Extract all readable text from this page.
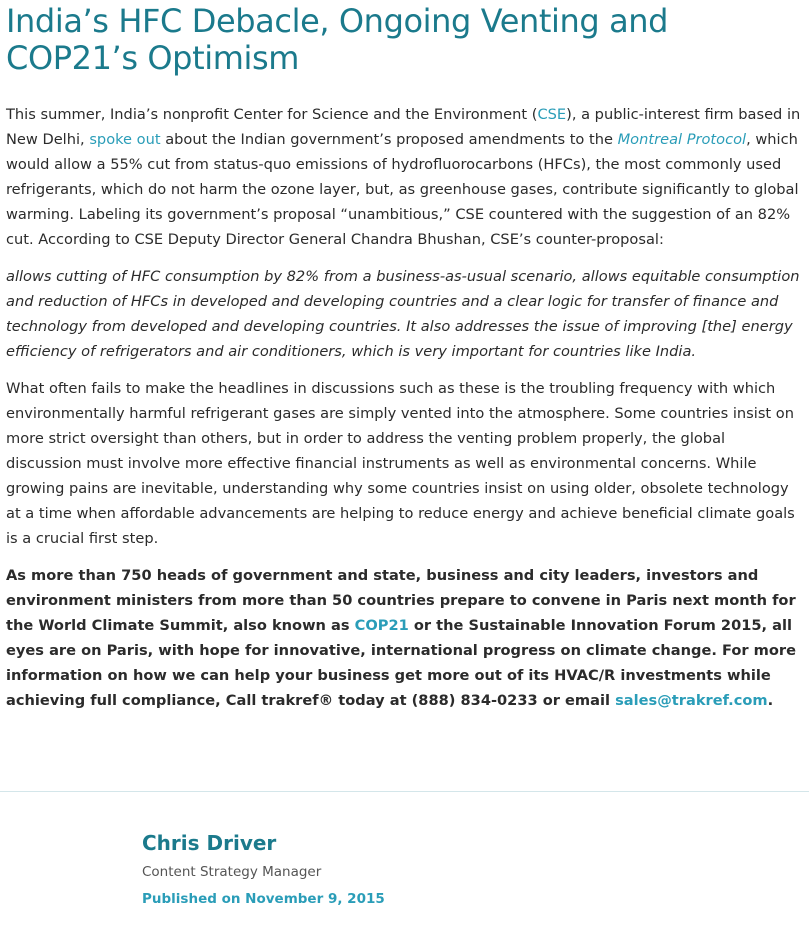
India’s HFC Debacle, Ongoing Venting and COP21’s Optimism

This summer, India’s nonprofit Center for Science and the Environment (CSE), a public-interest firm based in New Delhi, spoke out about the Indian government’s proposed amendments to the Montreal Protocol, which would allow a 55% cut from status-quo emissions of hydrofluorocarbons (HFCs), the most commonly used refrigerants, which do not harm the ozone layer, but, as greenhouse gases, contribute significantly to global warming. Labeling its government’s proposal “unambitious,” CSE countered with the suggestion of an 82% cut. According to CSE Deputy Director General Chandra Bhushan, CSE’s counter-proposal:

allows cutting of HFC consumption by 82% from a business-as-usual scenario, allows equitable consumption and reduction of HFCs in developed and developing countries and a clear logic for transfer of finance and technology from developed and developing countries. It also addresses the issue of improving [the] energy efficiency of refrigerators and air conditioners, which is very important for countries like India.

What often fails to make the headlines in discussions such as these is the troubling frequency with which environmentally harmful refrigerant gases are simply vented into the atmosphere. Some countries insist on more strict oversight than others, but in order to address the venting problem properly, the global discussion must involve more effective financial instruments as well as environmental concerns. While growing pains are inevitable, understanding why some countries insist on using older, obsolete technology at a time when affordable advancements are helping to reduce energy and achieve beneficial climate goals is a crucial first step.

As more than 750 heads of government and state, business and city leaders, investors and environment ministers from more than 50 countries prepare to convene in Paris next month for the World Climate Summit, also known as COP21 or the Sustainable Innovation Forum 2015, all eyes are on Paris, with hope for innovative, international progress on climate change. For more information on how we can help your business get more out of its HVAC/R investments while achieving full compliance, Call trakref® today at (888) 834-0233 or email sales@trakref.com.

Chris Driver
Content Strategy Manager
Published on November 9, 2015
